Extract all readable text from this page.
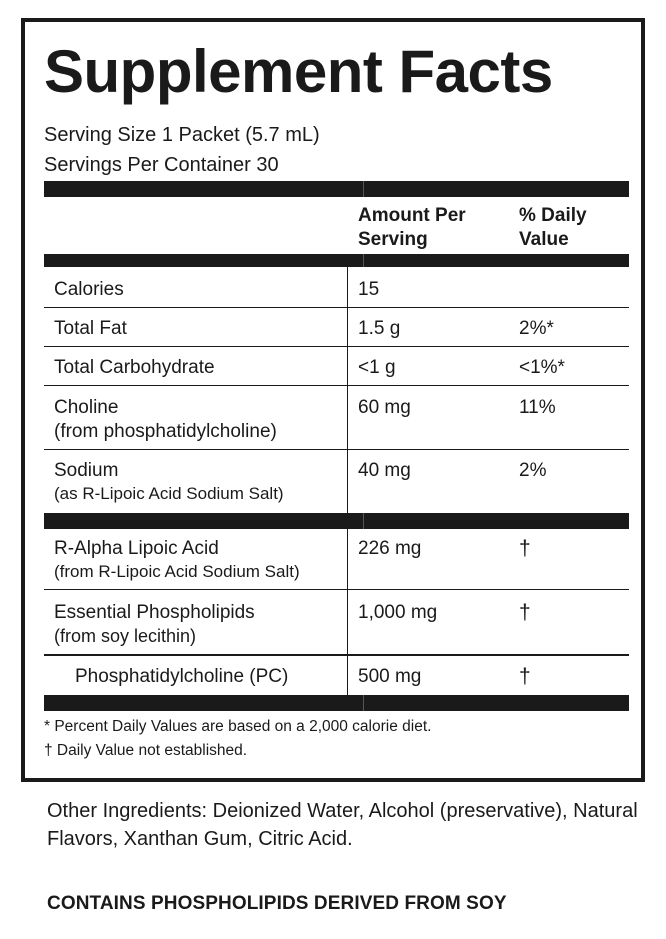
Supplement Facts
Serving Size 1 Packet (5.7 mL)
Servings Per Container 30
Amount Per
Serving
% Daily
Value
Calories	15
Total Fat	1.5 g	2%*
Total Carbohydrate	<1 g	<1%*
Choline
(from phosphatidylcholine)
60 mg	11%
Sodium
(as R-Lipoic Acid Sodium Salt)
40 mg	2%
R-Alpha Lipoic Acid
(from R-Lipoic Acid Sodium Salt)
226 mg	†
Essential Phospholipids
(from soy lecithin)
1,000 mg	†
Phosphatidylcholine (PC)	500 mg	†
* Percent Daily Values are based on a 2,000 calorie diet.
† Daily Value not established.
Other Ingredients: Deionized Water, Alcohol (preservative), Natural Flavors, Xanthan Gum, Citric Acid.
CONTAINS PHOSPHOLIPIDS DERIVED FROM SOY
